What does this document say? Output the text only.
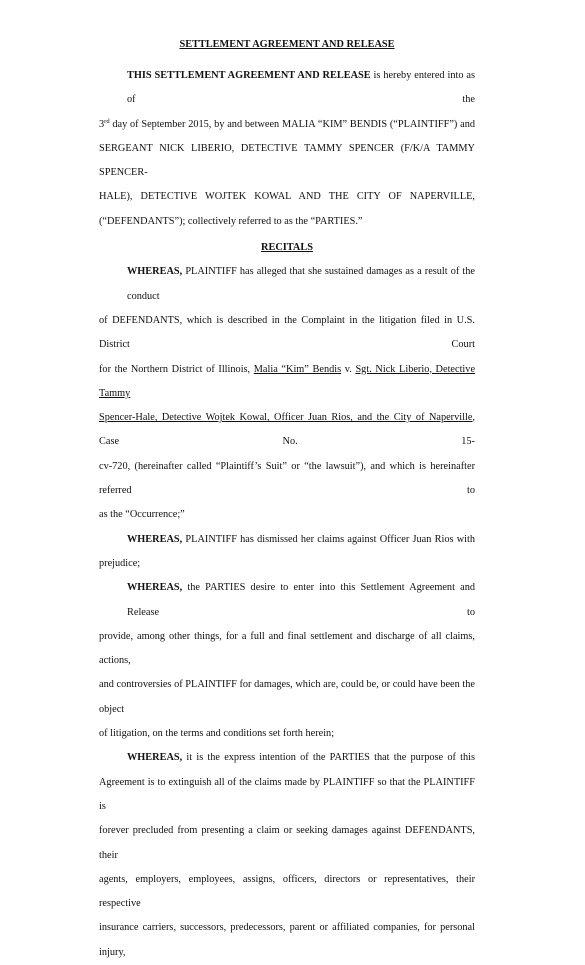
SETTLEMENT AGREEMENT AND RELEASE
THIS SETTLEMENT AGREEMENT AND RELEASE is hereby entered into as of the
3rd day of September 2015, by and between MALIA “KIM” BENDIS (“PLAINTIFF”) and
SERGEANT NICK LIBERIO, DETECTIVE TAMMY SPENCER (F/K/A TAMMY SPENCER-
HALE), DETECTIVE WOJTEK KOWAL AND THE CITY OF NAPERVILLE,
(“DEFENDANTS”); collectively referred to as the “PARTIES.”
RECITALS
WHEREAS, PLAINTIFF has alleged that she sustained damages as a result of the conduct
of DEFENDANTS, which is described in the Complaint in the litigation filed in U.S. District Court
for the Northern District of Illinois, Malia “Kim” Bendis v. Sgt. Nick Liberio, Detective Tammy
Spencer-Hale, Detective Wojtek Kowal, Officer Juan Rios, and the City of Naperville, Case No. 15-
cv-720, (hereinafter called “Plaintiff’s Suit” or “the lawsuit”), and which is hereinafter referred to
as the “Occurrence;”
WHEREAS, PLAINTIFF has dismissed her claims against Officer Juan Rios with
prejudice;
WHEREAS, the PARTIES desire to enter into this Settlement Agreement and Release to
provide, among other things, for a full and final settlement and discharge of all claims, actions,
and controversies of PLAINTIFF for damages, which are, could be, or could have been the object
of litigation, on the terms and conditions set forth herein;
WHEREAS, it is the express intention of the PARTIES that the purpose of this
Agreement is to extinguish all of the claims made by PLAINTIFF so that the PLAINTIFF is
forever precluded from presenting a claim or seeking damages against DEFENDANTS, their
agents, employers, employees, assigns, officers, directors or representatives, their respective
insurance carriers, successors, predecessors, parent or affiliated companies, for personal injury,
